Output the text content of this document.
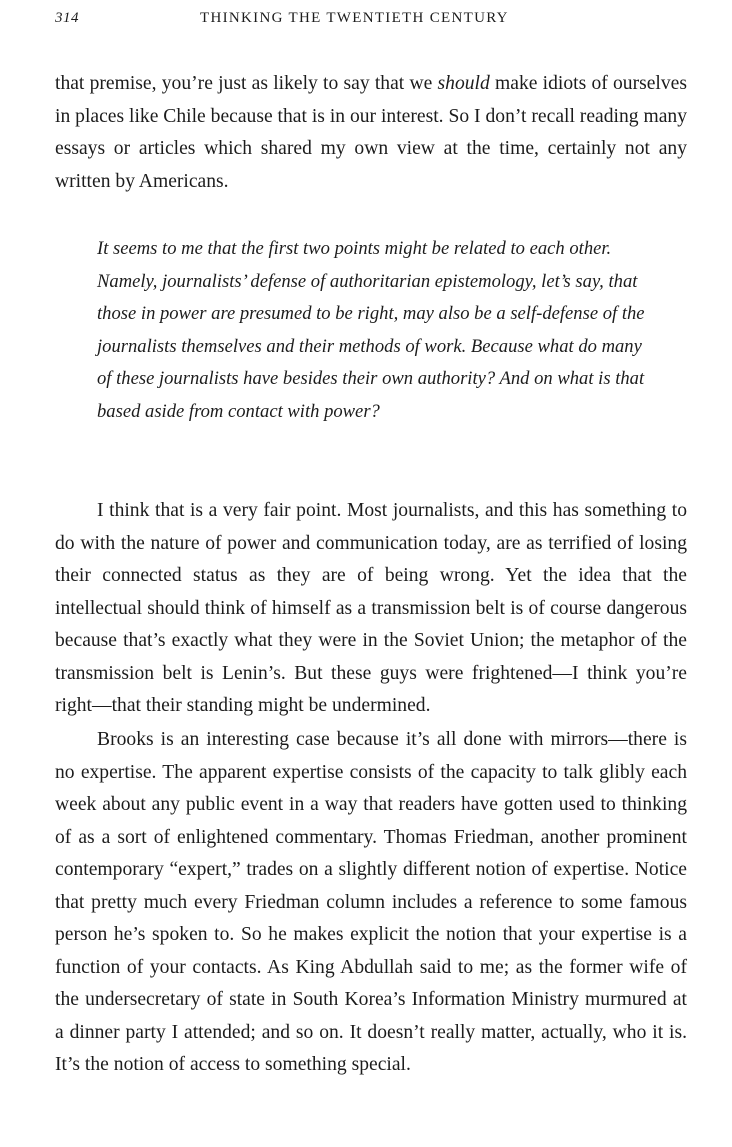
314	THINKING THE TWENTIETH CENTURY

that premise, you’re just as likely to say that we should make idiots of ourselves in places like Chile because that is in our interest. So I don’t recall reading many essays or articles which shared my own view at the time, certainly not any written by Americans.

It seems to me that the first two points might be related to each other. Namely, journalists’ defense of authoritarian epistemology, let’s say, that those in power are presumed to be right, may also be a self-defense of the journalists themselves and their methods of work. Because what do many of these journalists have besides their own authority? And on what is that based aside from contact with power?

I think that is a very fair point. Most journalists, and this has something to do with the nature of power and communication today, are as terrified of losing their connected status as they are of being wrong. Yet the idea that the intellectual should think of himself as a transmission belt is of course dangerous because that’s exactly what they were in the Soviet Union; the metaphor of the transmission belt is Lenin’s. But these guys were frightened—I think you’re right—that their standing might be undermined.

Brooks is an interesting case because it’s all done with mirrors—there is no expertise. The apparent expertise consists of the capacity to talk glibly each week about any public event in a way that readers have gotten used to thinking of as a sort of enlightened commentary. Thomas Friedman, another prominent contemporary “expert,” trades on a slightly different notion of expertise. Notice that pretty much every Friedman column includes a reference to some famous person he’s spoken to. So he makes explicit the notion that your expertise is a function of your contacts. As King Abdullah said to me; as the former wife of the undersecretary of state in South Korea’s Information Ministry murmured at a dinner party I attended; and so on. It doesn’t really matter, actually, who it is. It’s the notion of access to something special.
